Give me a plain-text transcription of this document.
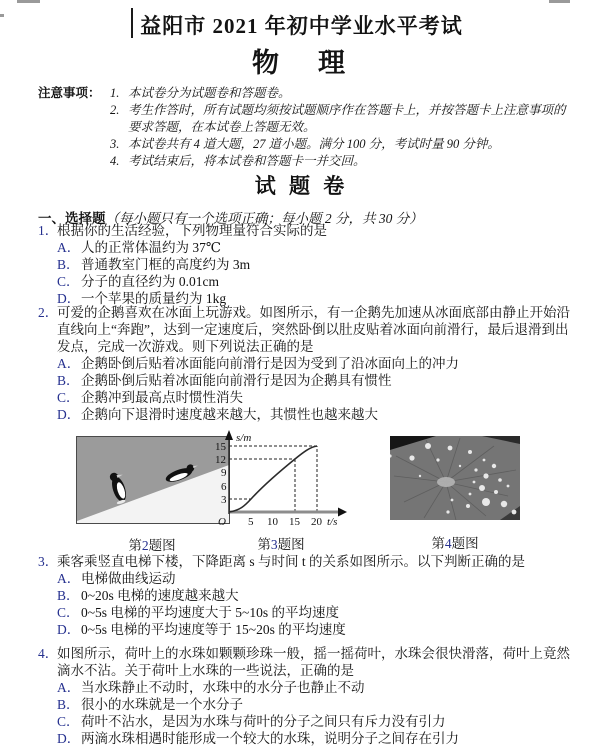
益阳市 2021 年初中学业水平考试
物　理
注意事项： 1. 本试卷分为试题卷和答题卷。
2. 考生作答时，所有试题均须按试题顺序作在答题卡上，并按答题卡上注意事项的要求答题，在本试卷上答题无效。
3. 本试卷共有 4 道大题，27 道小题。满分 100 分，考试时量 90 分钟。
4. 考试结束后，将本试卷和答题卡一并交回。
试 题 卷
一、选择题（每小题只有一个选项正确；每小题 2 分，共 30 分）
1．
根据你的生活经验，下列物理量符合实际的是
A． 人的正常体温约为 37℃
B． 普通教室门框的高度约为 3m
C． 分子的直径约为 0.01cm
D． 一个苹果的质量约为 1kg
2．
可爱的企鹅喜欢在冰面上玩游戏。如图所示，有一企鹅先加速从冰面底部由静止开始沿直线向上“奔跑”，达到一定速度后，突然卧倒以肚皮贴着冰面向前滑行，最后退滑到出发点，完成一次游戏。则下列说法正确的是
A． 企鹅卧倒后贴着冰面能向前滑行是因为受到了沿冰面向上的冲力
B． 企鹅卧倒后贴着冰面能向前滑行是因为企鹅具有惯性
C． 企鹅冲到最高点时惯性消失
D． 企鹅向下退滑时速度越来越大，其惯性也越来越大
第2题图
s/m
t/s
O
15
12
9
6
3
5 10 15 20
第3题图	第4题图
3．
乘客乘竖直电梯下楼，下降距离 s 与时间 t 的关系如图所示。以下判断正确的是
A． 电梯做曲线运动
B． 0~20s 电梯的速度越来越大
C． 0~5s 电梯的平均速度大于 5~10s 的平均速度
D． 0~5s 电梯的平均速度等于 15~20s 的平均速度
4．
如图所示，荷叶上的水珠如颗颗珍珠一般，摇一摇荷叶，水珠会很快滑落，荷叶上竟然滴水不沾。关于荷叶上水珠的一些说法，正确的是
A． 当水珠静止不动时，水珠中的水分子也静止不动
B． 很小的水珠就是一个水分子
C． 荷叶不沾水，是因为水珠与荷叶的分子之间只有斥力没有引力
D． 两滴水珠相遇时能形成一个较大的水珠，说明分子之间存在引力
